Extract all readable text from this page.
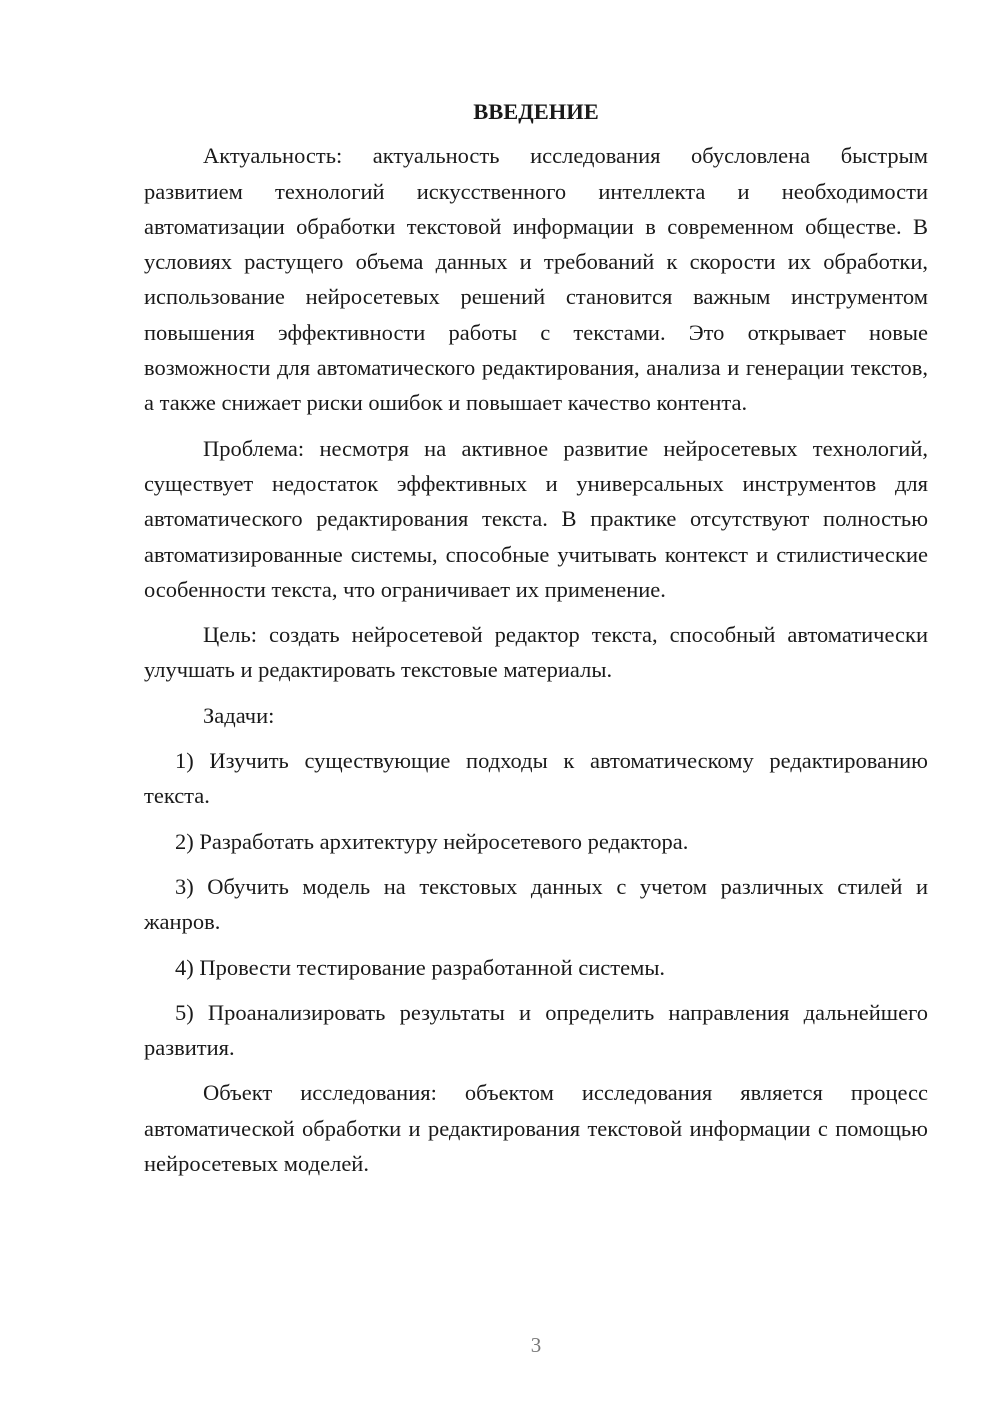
ВВЕДЕНИЕ

Актуальность: актуальность исследования обусловлена быстрым развитием технологий искусственного интеллекта и необходимости автоматизации обработки текстовой информации в современном обществе. В условиях растущего объема данных и требований к скорости их обработки, использование нейросетевых решений становится важным инструментом повышения эффективности работы с текстами. Это открывает новые возможности для автоматического редактирования, анализа и генерации текстов, а также снижает риски ошибок и повышает качество контента.

Проблема: несмотря на активное развитие нейросетевых технологий, существует недостаток эффективных и универсальных инструментов для автоматического редактирования текста. В практике отсутствуют полностью автоматизированные системы, способные учитывать контекст и стилистические особенности текста, что ограничивает их применение.

Цель: создать нейросетевой редактор текста, способный автоматически улучшать и редактировать текстовые материалы.

Задачи:

1) Изучить существующие подходы к автоматическому редактированию текста.

2) Разработать архитектуру нейросетевого редактора.

3) Обучить модель на текстовых данных с учетом различных стилей и жанров.

4) Провести тестирование разработанной системы.

5) Проанализировать результаты и определить направления дальнейшего развития.

Объект исследования: объектом исследования является процесс автоматической обработки и редактирования текстовой информации с помощью нейросетевых моделей.

3
